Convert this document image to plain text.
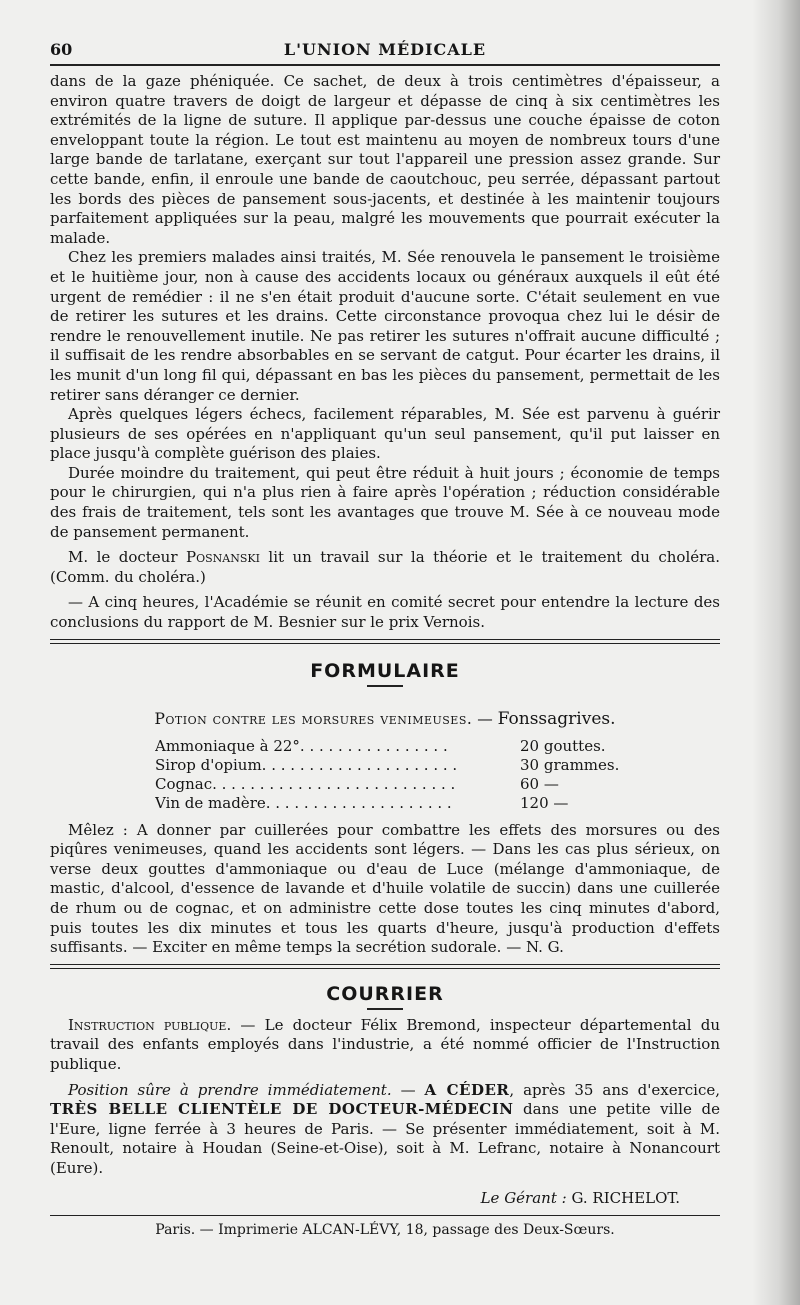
60	L'UNION MÉDICALE

dans de la gaze phéniquée. Ce sachet, de deux à trois centimètres d'épaisseur, a environ quatre travers de doigt de largeur et dépasse de cinq à six centimètres les extrémités de la ligne de suture. Il applique par-dessus une couche épaisse de coton enveloppant toute la région. Le tout est maintenu au moyen de nombreux tours d'une large bande de tarlatane, exerçant sur tout l'appareil une pression assez grande. Sur cette bande, enfin, il enroule une bande de caoutchouc, peu serrée, dépassant partout les bords des pièces de pansement sous-jacents, et destinée à les maintenir toujours parfaitement appliquées sur la peau, malgré les mouvements que pourrait exécuter la malade.

Chez les premiers malades ainsi traités, M. Sée renouvela le pansement le troisième et le huitième jour, non à cause des accidents locaux ou généraux auxquels il eût été urgent de remédier : il ne s'en était produit d'aucune sorte. C'était seulement en vue de retirer les sutures et les drains. Cette circonstance provoqua chez lui le désir de rendre le renouvellement inutile. Ne pas retirer les sutures n'offrait aucune difficulté ; il suffisait de les rendre absorbables en se servant de catgut. Pour écarter les drains, il les munit d'un long fil qui, dépassant en bas les pièces du pansement, permettait de les retirer sans déranger ce dernier.

Après quelques légers échecs, facilement réparables, M. Sée est parvenu à guérir plusieurs de ses opérées en n'appliquant qu'un seul pansement, qu'il put laisser en place jusqu'à complète guérison des plaies.

Durée moindre du traitement, qui peut être réduit à huit jours ; économie de temps pour le chirurgien, qui n'a plus rien à faire après l'opération ; réduction considérable des frais de traitement, tels sont les avantages que trouve M. Sée à ce nouveau mode de pansement permanent.

M. le docteur Posnanski lit un travail sur la théorie et le traitement du choléra. (Comm. du choléra.)

— A cinq heures, l'Académie se réunit en comité secret pour entendre la lecture des conclusions du rapport de M. Besnier sur le prix Vernois.

FORMULAIRE
Potion contre les morsures venimeuses. — Fonssagrives.
Ammoniaque à 22°. . . . . . . . . . . . . . . .	20 gouttes.
Sirop d'opium. . . . . . . . . . . . . . . . . . . . .	30 grammes.
Cognac. . . . . . . . . . . . . . . . . . . . . . . . . .	60 —
Vin de madère. . . . . . . . . . . . . . . . . . . .	120 —

Mêlez : A donner par cuillerées pour combattre les effets des morsures ou des piqûres venimeuses, quand les accidents sont légers. — Dans les cas plus sérieux, on verse deux gouttes d'ammoniaque ou d'eau de Luce (mélange d'ammoniaque, de mastic, d'alcool, d'essence de lavande et d'huile volatile de succin) dans une cuillerée de rhum ou de cognac, et on administre cette dose toutes les cinq minutes d'abord, puis toutes les dix minutes et tous les quarts d'heure, jusqu'à production d'effets suffisants. — Exciter en même temps la secrétion sudorale. — N. G.

COURRIER

Instruction publique. — Le docteur Félix Bremond, inspecteur départemental du travail des enfants employés dans l'industrie, a été nommé officier de l'Instruction publique.

Position sûre à prendre immédiatement. — A CÉDER, après 35 ans d'exercice, TRÈS BELLE CLIENTÈLE DE DOCTEUR-MÉDECIN dans une petite ville de l'Eure, ligne ferrée à 3 heures de Paris. — Se présenter immédiatement, soit à M. Renoult, notaire à Houdan (Seine-et-Oise), soit à M. Lefranc, notaire à Nonancourt (Eure).

Le Gérant : G. RICHELOT.
Paris. — Imprimerie ALCAN-LÉVY, 18, passage des Deux-Sœurs.
